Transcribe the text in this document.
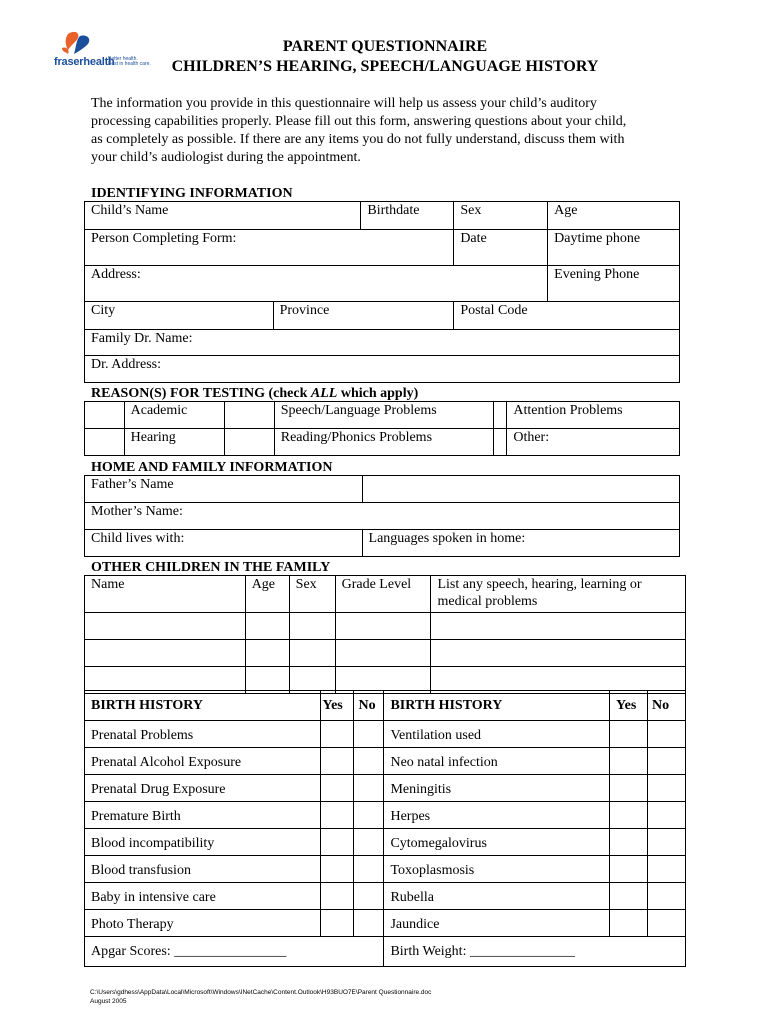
fraserhealth
Better health.
Best in health care.
PARENT QUESTIONNAIRE
CHILDREN’S HEARING, SPEECH/LANGUAGE HISTORY
The information you provide in this questionnaire will help us assess your child’s auditory
processing capabilities properly. Please fill out this form, answering questions about your child,
as completely as possible. If there are any items you do not fully understand, discuss them with
your child’s audiologist during the appointment.
IDENTIFYING INFORMATION
Child’s Name		Birthdate	Sex	Age
Person Completing Form:			Date	Daytime phone
Address:				Evening Phone
City	Province		Postal Code	
Family Dr. Name:				
Dr. Address:				
REASON(S) FOR TESTING (check ALL which apply)
	Academic		Speech/Language Problems		Attention Problems
	Hearing		Reading/Phonics Problems		Other:
HOME AND FAMILY INFORMATION
Father’s Name	
Mother’s Name:	
Child lives with:	Languages spoken in home:
OTHER CHILDREN IN THE FAMILY
Name	Age	Sex	Grade Level	List any speech, hearing, learning or
medical problems

BIRTH HISTORY	Yes	No	BIRTH HISTORY	Yes	No
Prenatal Problems			Ventilation used		
Prenatal Alcohol Exposure			Neo natal infection		
Prenatal Drug Exposure			Meningitis		
Premature Birth			Herpes		
Blood incompatibility			Cytomegalovirus		
Blood transfusion			Toxoplasmosis		
Baby in intensive care			Rubella		
Photo Therapy			Jaundice		
Apgar Scores: ________________			Birth Weight: _______________		
C:\Users\gdhess\AppData\Local\Microsoft\Windows\INetCache\Content.Outlook\H93BUO7E\Parent Questionnaire.doc
August 2005
